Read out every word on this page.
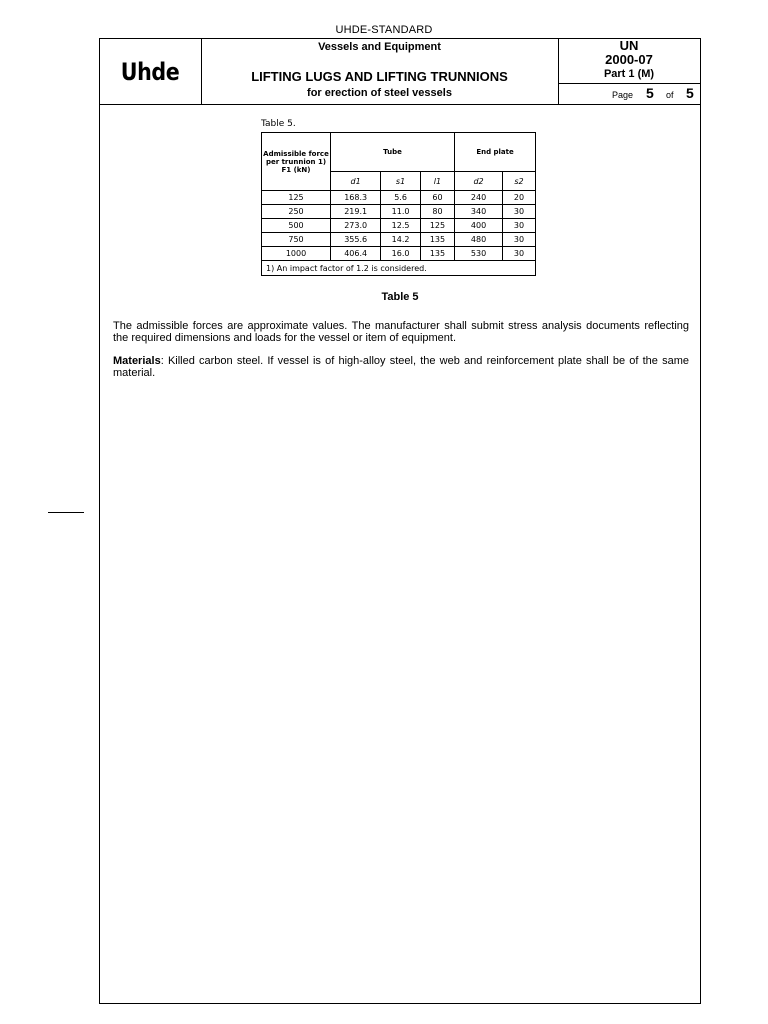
UHDE-STANDARD
Uhde
Vessels and Equipment
LIFTING LUGS AND LIFTING TRUNNIONS
for erection of steel vessels
UN
2000-07
Part 1 (M)
Page 5 of 5
Table 5.
Admissible force per trunnion 1) F1 (kN)	Tube			End plate	
	d1	s1	l1	d2	s2
125	168.3	5.6	60	240	20
250	219.1	11.0	80	340	30
500	273.0	12.5	125	400	30
750	355.6	14.2	135	480	30
1000	406.4	16.0	135	530	30
1) An impact factor of 1.2 is considered.					
Table 5
The admissible forces are approximate values. The manufacturer shall submit stress analysis documents reflecting the required dimensions and loads for the vessel or item of equipment.
Materials: Killed carbon steel. If vessel is of high-alloy steel, the web and reinforcement plate shall be of the same material.
